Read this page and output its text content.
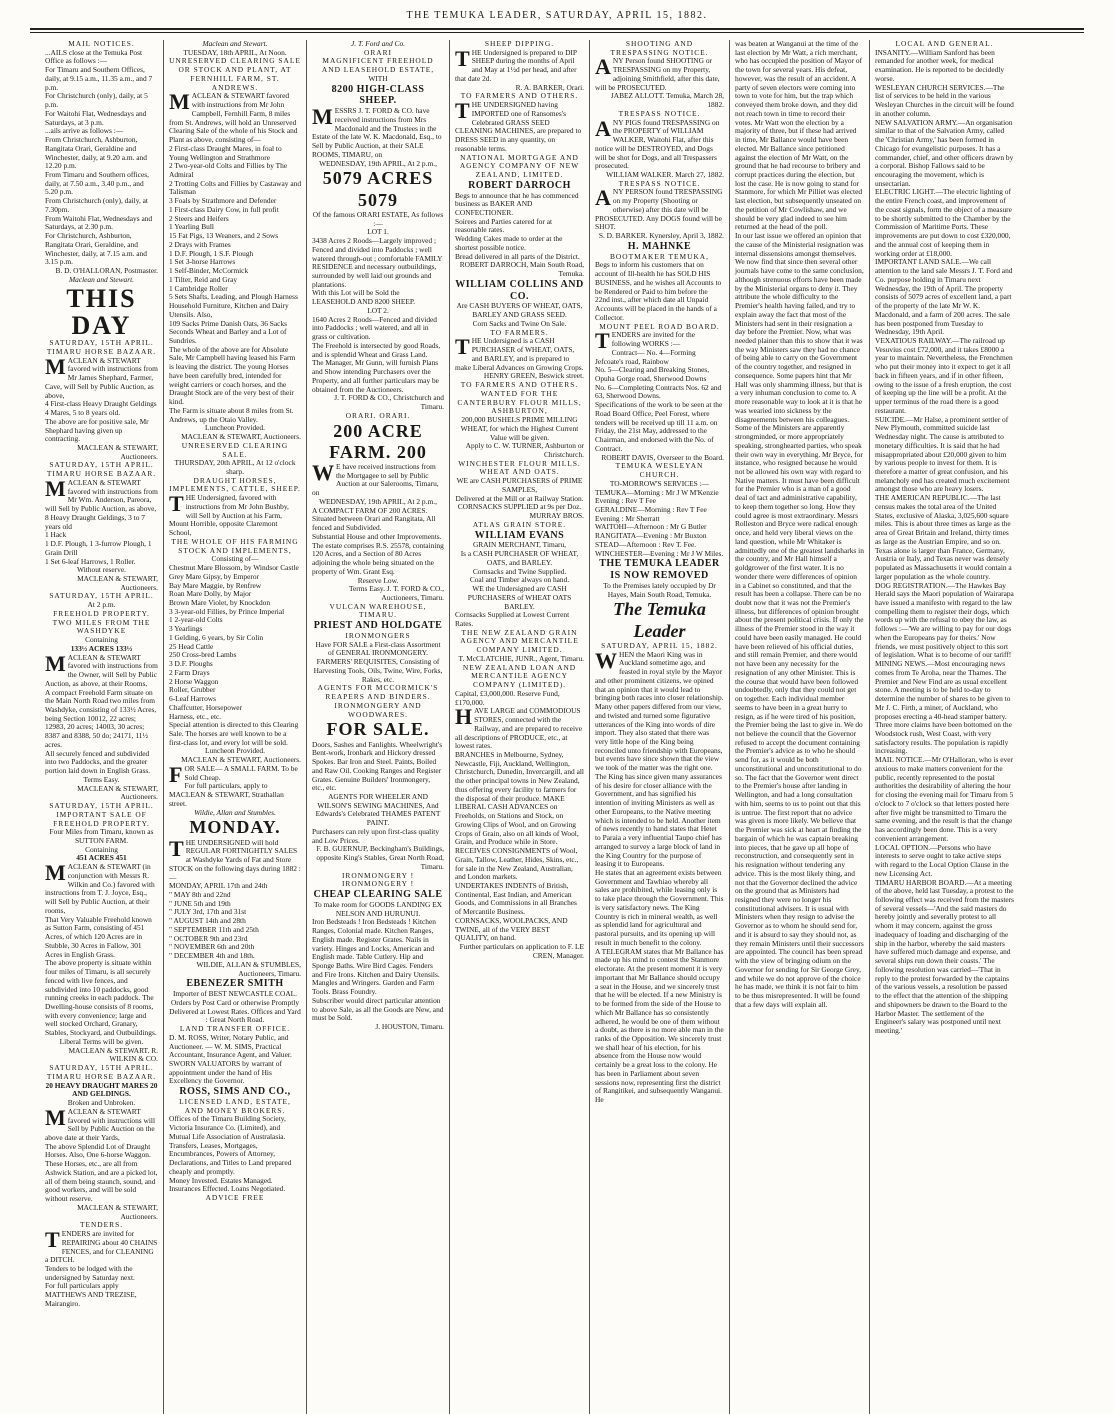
THE TEMUKA LEADER, SATURDAY, APRIL 15, 1882.

MAIL NOTICES.

...AILS close at the Temuka Post Office as follows :—

For Timaru and Southern Offices, daily, at 9.15 a.m., 11.35 a.m., and 7 p.m.

For Christchurch (only), daily, at 5 p.m.

For Waitohi Flat, Wednesdays and Saturdays, at 3 p.m.

...ails arrive as follows :—

From Christchurch, Ashburton, Rangitata Orari, Geraldine and Winchester, daily, at 9.20 a.m. and 12.20 p.m.

From Timaru and Southern offices, daily, at 7.50 a.m., 3.40 p.m., and 5.20 p.m.

From Christchurch (only), daily, at 7.30pm.

From Waitohi Flat, Wednesdays and Saturdays, at 2.30 p.m.

For Christchurch, Ashburton, Rangitata Orari, Geraldine, and Winchester, daily, at 7.15 a.m. and 3.15 p.m.

B. D. O'HALLORAN, Postmaster.

Maclean and Stewart.

THIS DAY

SATURDAY, 15TH APRIL.

TIMARU HORSE BAZAAR.

MACLEAN & STEWART favored with instructions from Mr James Shephard, Farmer, Cave, will Sell by Public Auction, as above,

4 First-class Heavy Draught Geldings 4 Mares, 5 to 8 years old.

The above are for positive sale, Mr Shephard having given up contracting.

MACLEAN & STEWART, Auctioneers.

SATURDAY, 15TH APRIL.

TIMARU HORSE BAZAAR.

MACLEAN & STEWART favored with instructions from Mr Wm. Anderson, Pareora, will Sell by Public Auction, as above,

8 Heavy Draught Geldings, 3 to 7 years old

1 Hack

1 D.F. Plough, 1 3-furrow Plough, 1 Grain Drill

1 Set 6-leaf Harrows, 1 Roller.

Without reserve.

MACLEAN & STEWART, Auctioneers.

SATURDAY, 15TH APRIL.

At 2 p.m.

FREEHOLD PROPERTY.

TWO MILES FROM THE WASHDYKE

Containing

133½ ACRES 133½

MACLEAN & STEWART favored with instructions from the Owner, will Sell by Public Auction, as above, at their Rooms,

A compact Freehold Farm situate on the Main North Road two miles from Washdyke, consisting of 133½ Acres, being Section 10012, 22 acres; 12983, 20 acres; 14003, 30 acres; 8387 and 8388, 50 do; 24171, 11½ acres.

All securely fenced and subdivided into two Paddocks, and the greater portion laid down in English Grass.

Terms Easy.

MACLEAN & STEWART, Auctioneers.

SATURDAY, 15TH APRIL.

IMPORTANT SALE OF FREEHOLD PROPERTY.

Four Miles from Timaru, known as SUTTON FARM.

Containing

451 ACRES 451

MACLEAN & STEWART (in conjunction with Messrs R. Wilkin and Co.) favored with instructions from T. J. Joyce, Esq., will Sell by Public Auction, at their rooms,

That Very Valuable Freehold known as Sutton Farm, consisting of 451 Acres, of which 120 Acres are in Stubble, 30 Acres in Fallow, 301 Acres in English Grass.

The above property is situate within four miles of Timaru, is all securely fenced with live fences, and subdivided into 10 paddocks, good running creeks in each paddock. The Dwelling-house consists of 8 rooms, with every convenience; large and well stocked Orchard, Granary, Stables, Stockyard, and Outbuildings.

Liberal Terms will be given.

MACLEAN & STEWART. R. WILKIN & CO.

SATURDAY, 15TH APRIL.

TIMARU HORSE BAZAAR.

20 HEAVY DRAUGHT MARES 20 AND GELDINGS.

Broken and Unbroken.

MACLEAN & STEWART favored with instructions will Sell by Public Auction on the above date at their Yards,

The above Splendid Lot of Draught Horses. Also, One 6-horse Waggon.

These Horses, etc., are all from Ashwick Station, and are a picked lot, all of them being staunch, sound, and good workers, and will be sold without reserve.

MACLEAN & STEWART, Auctioneers.

TENDERS.

TENDERS are invited for REPAIRING about 40 CHAINS FENCES, and for CLEANING a DITCH.

Tenders to be lodged with the undersigned by Saturday next.

For full particulars apply MATTHEWS AND TREZISE, Mairangiro.

Maclean and Stewart.

TUESDAY, 18th APRIL, At Noon.

UNRESERVED CLEARING SALE OR STOCK AND PLANT, AT FERNHILL FARM, ST. ANDREWS.

MACLEAN & STEWART favored with instructions from Mr John Campbell, Fernhill Farm, 8 miles from St. Andrews, will hold an Unreserved Clearing Sale of the whole of his Stock and Plant as above, consisting of—

2 First-class Draught Mares, in foal to Young Wellington and Strathmore

2 Two-year-old Colts and Fillies by The Admiral

2 Trotting Colts and Fillies by Castaway and Talisman

3 Foals by Strathmore and Defender

1 First-class Dairy Cow, in full profit

2 Steers and Heifers

1 Yearling Bull

15 Fat Pigs, 13 Weaners, and 2 Sows

2 Drays with Frames

1 D.F. Plough, 1 S.F. Plough

1 Set 3-horse Harrows

1 Self-Binder, McCormick

1 Tilter, Reid and Gray

1 Cambridge Roller

5 Sets Shafts, Leading, and Plough Harness

Household Furniture, Kitchen and Dairy Utensils. Also,

109 Sacks Prime Danish Oats, 36 Sacks Seconds Wheat and Barley and a Lot of Sundries.

The whole of the above are for Absolute Sale, Mr Campbell having leased his Farm is leaving the district. The young Horses have been carefully bred, intended for weight carriers or coach horses, and the Draught Stock are of the very best of their kind.

The Farm is situate about 8 miles from St. Andrews, up the Otaio Valley.

Luncheon Provided.

MACLEAN & STEWART, Auctioneers.

UNRESERVED CLEARING SALE.

THURSDAY, 20th APRIL, At 12 o'clock sharp.

DRAUGHT HORSES, IMPLEMENTS, CATTLE, SHEEP.

THE Undersigned, favored with instructions from Mr John Bushby, will Sell by Auction at his Farm, Mount Horrible, opposite Claremont School,

THE WHOLE OF HIS FARMING STOCK AND IMPLEMENTS,

Consisting of—

Chestnut Mare Blossom, by Windsor Castle

Grey Mare Gipsy, by Emperor

Bay Mare Maggie, by Renfrew

Roan Mare Dolly, by Major

Brown Mare Violet, by Knockdon

3 3-year-old Fillies, by Prince Imperial

1 2-year-old Colts

3 Yearlings

1 Gelding, 6 years, by Sir Colin

25 Head Cattle

250 Cross-bred Lambs

3 D.F. Ploughs

2 Farm Drays

2 Horse Waggon

Roller, Grubber

6-Leaf Harrows

Chaffcutter, Horsepower

Harness, etc., etc.

Special attention is directed to this Clearing Sale. The horses are well known to be a first-class lot, and every lot will be sold.

Luncheon Provided.

MACLEAN & STEWART, Auctioneers.

FOR SALE— A SMALL FARM. To be Sold Cheap.

For full particulars, apply to MACLEAN & STEWART, Strathallan street.

Wildie, Allan and Stumbles.

MONDAY.

THE UNDERSIGNED will hold REGULAR FORTNIGHTLY SALES at Washdyke Yards of Fat and Store STOCK on the following days during 1882 :—

MONDAY, APRIL 17th and 24th

" MAY 8th and 22nd

" JUNE 5th and 19th

" JULY 3rd, 17th and 31st

" AUGUST 14th and 28th

" SEPTEMBER 11th and 25th

" OCTOBER 9th and 23rd

" NOVEMBER 6th and 20th

" DECEMBER 4th and 18th.

WILDIE, ALLAN & STUMBLES, Auctioneers, Timaru.

EBENEZER SMITH

Importer of BEST NEWCASTLE COAL.

Orders by Post Card or otherwise Promptly Delivered at Lowest Rates. Offices and Yard : Great North Road.

LAND TRANSFER OFFICE.

D. M. ROSS, Writer, Notary Public, and Auctioneer. — W. M. SIMS, Practical Accountant, Insurance Agent, and Valuer.

SWORN VALUATORS by warrant of appointment under the hand of His Excellency the Governor.

ROSS, SIMS AND CO.,

LICENSED LAND, ESTATE, AND MONEY BROKERS.

Offices of the Timaru Building Society, Victoria Insurance Co. (Limited), and Mutual Life Association of Australasia.

Transfers, Leases, Mortgages, Encumbrances, Powers of Attorney, Declarations, and Titles to Land prepared cheaply and promptly.

Money Invested. Estates Managed. Insurances Effected. Loans Negotiated.

ADVICE FREE

J. T. Ford and Co.

ORARI

MAGNIFICENT FREEHOLD AND LEASEHOLD ESTATE,

WITH

8200 HIGH-CLASS SHEEP.

MESSRS J. T. FORD & CO. have received instructions from Mrs Macdonald and the Trustees in the Estate of the late W. K. Macdonald, Esq., to Sell by Public Auction, at their SALE ROOMS, TIMARU, on

WEDNESDAY, 19th APRIL, At 2 p.m.,

5079 ACRES 5079

Of the famous ORARI ESTATE, As follows :—

LOT 1.

3438 Acres 2 Roods—Largely improved ; Fenced and divided into Paddocks ; well watered through-out ; comfortable FAMILY RESIDENCE and necessary outbuildings, surrounded by well laid out grounds and plantations.

With this Lot will be Sold the LEASEHOLD AND 8200 SHEEP.

LOT 2.

1640 Acres 2 Roods—Fenced and divided into Paddocks ; well watered, and all in grass or cultivation.

The Freehold is intersected by good Roads, and is splendid Wheat and Grass Land.

The Manager, Mr Gunn, will furnish Plans and Show intending Purchasers over the Property, and all further particulars may be obtained from the Auctioneers.

J. T. FORD & CO., Christchurch and Timaru.

ORARI. ORARI.

200 ACRE FARM. 200

WE have received instructions from the Mortgagee to sell by Public Auction at our Salerooms, Timaru, on

WEDNESDAY, 19th APRIL, At 2 p.m.,

A COMPACT FARM OF 200 ACRES. Situated between Orari and Rangitata, All fenced and Subdivided.

Substantial House and other Improvements.

The estate comprises R.S. 25578, containing 120 Acres, and a Section of 80 Acres adjoining the whole being situated on the property of Wm. Grant Esq.

Reserve Low.

Terms Easy. J. T. FORD & CO., Auctioneers, Timaru.

VULCAN WAREHOUSE, TIMARU.

PRIEST AND HOLDGATE

IRONMONGERS

Have FOR SALE a First-class Assortment of GENERAL IRONMONGERY.

FARMERS' REQUISITES, Consisting of Harvesting Tools, Oils, Twine, Wire, Forks, Rakes, etc.

AGENTS FOR MCCORMICK'S REAPERS AND BINDERS.

IRONMONGERY AND WOODWARES.

FOR SALE.

Doors, Sashes and Fanlights. Wheelwright's Bent-work, Ironbark and Hickory dressed Spokes. Bar Iron and Steel. Paints, Boiled and Raw Oil. Cooking Ranges and Register Grates. Genuine Builders' Ironmongery, etc., etc.

AGENTS FOR WHEELER AND WILSON'S SEWING MACHINES, And Edwards's Celebrated THAMES PATENT PAINT.

Purchasers can rely upon first-class quality and Low Prices.

F. B. GUERNUP, Beckingham's Buildings, opposite King's Stables, Great North Road, Timaru.

IRONMONGERY ! IRONMONGERY !

CHEAP CLEARING SALE

To make room for GOODS LANDING EX NELSON AND HURUNUI.

Iron Bedsteads ! Iron Bedsteads ! Kitchen Ranges, Colonial made. Kitchen Ranges, English made. Register Grates. Nails in variety. Hinges and Locks, American and English made. Table Cutlery. Hip and Sponge Baths. Wire Bird Cages. Fenders and Fire Irons. Kitchen and Dairy Utensils. Mangles and Wringers. Garden and Farm Tools. Brass Foundry.

Subscriber would direct particular attention to above Sale, as all the Goods are New, and must be Sold.

J. HOUSTON, Timaru.

SHEEP DIPPING.

THE Undersigned is prepared to DIP SHEEP during the months of April and May at 1½d per head, and after that date 2d.

R. A. BARKER, Orari.

TO FARMERS AND OTHERS.

THE UNDERSIGNED having IMPORTED one of Ransomes's Celebrated GRASS SEED CLEANING MACHINES, are prepared to DRESS SEED in any quantity, on reasonable terms.

NATIONAL MORTGAGE AND AGENCY COMPANY OF NEW ZEALAND, LIMITED.

ROBERT DARROCH

Begs to announce that he has commenced business as BAKER AND CONFECTIONER.

Soirees and Parties catered for at reasonable rates.

Wedding Cakes made to order at the shortest possible notice.

Bread delivered in all parts of the District.

ROBERT DARROCH, Main South Road, Temuka.

WILLIAM COLLINS AND CO.

Are CASH BUYERS OF WHEAT, OATS, BARLEY AND GRASS SEED.

Corn Sacks and Twine On Sale.

TO FARMERS.

THE Undersigned is a CASH PURCHASER of WHEAT, OATS, and BARLEY, and is prepared to make Liberal Advances on Growing Crops.

HENRY GREEN, Beswick street.

TO FARMERS AND OTHERS.

WANTED FOR THE CANTERBURY FLOUR MILLS, ASHBURTON,

200,000 BUSHELS PRIME MILLING WHEAT, for which the Highest Current Value will be given.

Apply to C. W. TURNER, Ashburton or Christchurch.

WINCHESTER FLOUR MILLS.

WHEAT AND OATS.

WE are CASH PURCHASERS of PRIME SAMPLES,

Delivered at the Mill or at Railway Station.

CORNSACKS SUPPLIED at 9s per Doz.

MURRAY BROS.

ATLAS GRAIN STORE.

WILLIAM EVANS

GRAIN MERCHANT, Timaru,

Is a CASH PURCHASER OF WHEAT, OATS, and BARLEY.

Cornsacks and Twine Supplied.

Coal and Timber always on hand.

WE the Undersigned are CASH PURCHASERS of WHEAT OATS BARLEY.

Cornsacks Supplied at Lowest Current Rates.

THE NEW ZEALAND GRAIN AGENCY AND MERCANTILE COMPANY LIMITED.

T. McCLATCHIE, JUNR., Agent, Timaru.

NEW ZEALAND LOAN AND MERCANTILE AGENCY COMPANY (LIMITED).

Capital, £3,000,000. Reserve Fund, £170,000.

HAVE LARGE and COMMODIOUS STORES, connected with the Railway, and are prepared to receive all descriptions of PRODUCE, etc., at lowest rates.

BRANCHES in Melbourne, Sydney, Newcastle, Fiji, Auckland, Wellington, Christchurch, Dunedin, Invercargill, and all the other principal towns in New Zealand, thus offering every facility to farmers for the disposal of their produce. MAKE LIBERAL CASH ADVANCES on Freeholds, on Stations and Stock, on Growing Clips of Wool, and on Growing Crops of Grain, also on all kinds of Wool, Grain, and Produce while in Store.

RECEIVES CONSIGNMENTS of Wool, Grain, Tallow, Leather, Hides, Skins, etc., for sale in the New Zealand, Australian, and London markets.

UNDERTAKES INDENTS of British, Continental, East Indian, and American Goods, and Commissions in all Branches of Mercantile Business.

CORNSACKS, WOOLPACKS, AND TWINE, all of the VERY BEST QUALITY, on hand.

Further particulars on application to F. LE CREN, Manager.

SHOOTING AND TRESPASSING NOTICE.

ANY Person found SHOOTING or TRESPASSING on my Property, adjoining Smithfield, after this date, will be PROSECUTED.

JABEZ ALLOTT. Temuka, March 28, 1882.

TRESPASS NOTICE.

ANY PIGS found TRESPASSING on the PROPERTY of WILLIAM WALKER, Waitohi Flat, after this notice will be DESTROYED, and Dogs will be shot for Dogs, and all Trespassers prosecuted.

WILLIAM WALKER. March 27, 1882.

TRESPASS NOTICE.

ANY PERSON found TRESPASSING on my Property (Shooting or otherwise) after this date will be PROSECUTED. Any DOGS found will be SHOT.

S. D. BARKER. Kynersley, April 3, 1882.

H. MAHNKE

BOOTMAKER TEMUKA,

Begs to inform his customers that on account of Ill-health he has SOLD HIS BUSINESS, and he wishes all Accounts to be Rendered or Paid to him before the 22nd inst., after which date all Unpaid Accounts will be placed in the hands of a Collector.

MOUNT PEEL ROAD BOARD.

TENDERS are invited for the following WORKS :—

Contract— No. 4—Forming Jefcoate's road, Rainbow

No. 5—Clearing and Breaking Stones, Opuha Gorge road, Sherwood Downs

No. 6—Completing Contracts Nos. 62 and 63, Sherwood Downs.

Specifications of the work to be seen at the Road Board Office, Peel Forest, where tenders will be received up till 11 a.m. on Friday, the 21st May, addressed to the Chairman, and endorsed with the No. of Contract.

ROBERT DAVIS, Overseer to the Board.

TEMUKA WESLEYAN CHURCH.

TO-MORROW'S SERVICES :—

TEMUKA—Morning : Mr J W M'Kenzie

Evening : Rev T Fee

GERALDINE—Morning : Rev T Fee

Evening : Mr Sherratt

WAITOHI—Afternoon : Mr G Butler

RANGITATA—Evening : Mr Buxton

STEAD—Afternoon : Rev T. Fee.

WINCHESTER—Evening : Mr J W Miles.

THE TEMUKA LEADER IS NOW REMOVED

To the Premises lately occupied by Dr Hayes, Main South Road, Temuka.

The Temuka Leader

SATURDAY, APRIL 15, 1882.

WHEN the Maori King was in Auckland sometime ago, and feasted in royal style by the Mayor and other prominent citizens, we opined that an opinion that it would lead to bringing both races into closer relationship. Many other papers differed from our view, and twisted and turned some figurative utterances of the King into words of dire import. They also stated that there was very little hope of the King being reconciled unto friendship with Europeans, but events have since shown that the view we took of the matter was the right one. The King has since given many assurances of his desire for closer alliance with the Government, and has signified his intention of inviting Ministers as well as other Europeans, to the Native meeting which is intended to be held. Another item of news recently to hand states that Hetet to Paraia a very influential Taupo chief has arranged to survey a large block of land in the King Country for the purpose of leasing it to Europeans.

He states that an agreement exists between Government and Tawhiao whereby all sales are prohibited, while leasing only is to take place through the Government. This is very satisfactory news. The King Country is rich in mineral wealth, as well as splendid land for agricultural and pastoral pursuits, and its opening up will result in much benefit to the colony.

A TELEGRAM states that Mr Ballance has made up his mind to contest the Stanmore electorate. At the present moment it is very important that Mr Ballance should occupy a seat in the House, and we sincerely trust that he will be elected. If a new Ministry is to be formed from the side of the House to which Mr Ballance has so consistently adhered, he would be one of them without a doubt, as there is no more able man in the ranks of the Opposition. We sincerely trust we shall hear of his election, for his absence from the House now would certainly be a great loss to the colony. He has been in Parliament about seven sessions now, representing first the district of Rangitikei, and subsequently Wanganui. He

was beaten at Wanganui at the time of the last election by Mr Watt, a rich merchant, who has occupied the position of Mayor of the town for several years. His defeat, however, was the result of an accident. A party of seven electors were coming into town to vote for him, but the trap which conveyed them broke down, and they did not reach town in time to record their votes. Mr Watt won the election by a majority of three, but if these had arrived in time, Mr Ballance would have been elected. Mr Ballance since petitioned against the election of Mr Watt, on the ground that he had recourse to bribery and corrupt practices during the election, but lost the case. He is now going to stand for Stanmore, for which Mr Pilliet was elected last election, but subsequently unseated on the petition of Mr Cowlishaw, and we should be very glad indeed to see him returned at the head of the poll.

In our last issue we offered an opinion that the cause of the Ministerial resignation was internal dissensions amongst themselves. We now find that since then several other journals have come to the same conclusion, although strenuous efforts have been made by the Ministerial organs to deny it. They attribute the whole difficulty to the Premier's health having failed, and try to explain away the fact that most of the Ministers had sent in their resignation a day before the Premier. Now, what was needed plainer than this to show that it was the way Ministers saw they had no chance of being able to carry on the Government of the country together, and resigned in consequence. Some papers hint that Mr Hall was only shamming illness, but that is a very inhuman conclusion to come to. A more reasonable way to look at it is that he was wearied into sickness by the disagreements between his colleagues. Some of the Ministers are apparently strongminded, or more appropriately speaking, stronghearted parties, who speak their own way in everything. Mr Bryce, for instance, who resigned because he would not be allowed his own way with regard to Native matters. It must have been difficult for the Premier who is a man of a good deal of tact and administrative capability, to keep them together so long. How they could agree is most extraordinary. Messrs Rolleston and Bryce were radical enough once, and held very liberal views on the land question, while Mr Whitaker is admittedly one of the greatest landsharks in the country, and Mr Hall himself a goldgrower of the first water. It is no wonder there were differences of opinion in a Cabinet so constituted, and that the result has been a collapse. There can be no doubt now that it was not the Premier's illness, but differences of opinion brought about the present political crisis. If only the illness of the Premier stood in the way it could have been easily managed. He could have been relieved of his official duties, and still remain Premier, and there would not have been any necessity for the resignation of any other Minister. This is the course that would have been followed undoubtedly, only that they could not get on together. Each individual member seems to have been in a great hurry to resign, as if he were tired of his position, the Premier being the last to give in. We do not believe the council that the Governor refused to accept the document containing the Premier's advice as to who he should send for, as it would be both unconstitutional and unconstitutional to do so. The fact that the Governor went direct to the Premier's house after landing in Wellington, and had a long consultation with him, seems to us to point out that this is untrue. The first report that no advice was given is more likely. We believe that the Premier was sick at heart at finding the bargain of which he was captain breaking into pieces, that he gave up all hope of reconstruction, and consequently sent in his resignation without tendering any advice. This is the most likely thing, and not that the Governor declined the advice on the ground that as Ministers had resigned they were no longer his constitutional advisers. It is usual with Ministers when they resign to advise the Governor as to whom he should send for, and it is absurd to say they should not, as they remain Ministers until their successors are appointed. The council has been spread with the view of bringing odium on the Governor for sending for Sir George Grey, and while we do not approve of the choice he has made, we think it is not fair to him to be thus misrepresented. It will be found that a few days will explain all.

LOCAL AND GENERAL.

INSANITY.—William Sanford has been remanded for another week, for medical examination. He is reported to be decidedly worse.

WESLEYAN CHURCH SERVICES.—The list of services to be held in the various Wesleyan Churches in the circuit will be found in another column.

NEW SALVATION ARMY.—An organisation similar to that of the Salvation Army, called the 'Christian Army,' has been formed in Chicago for evangelistic purposes. It has a commander, chief, and other officers drawn by a corporal. Bishop Fallows said to be encouraging the movement, which is unsectarian.

ELECTRIC LIGHT.—The electric lighting of the entire French coast, and improvement of the coast signals, form the object of a measure to be shortly submitted to the Chamber by the Commission of Maritime Ports. These improvements are put down to cost £320,000, and the annual cost of keeping them in working order at £18,000.

IMPORTANT LAND SALE.—We call attention to the land sale Messrs J. T. Ford and Co. purpose holding in Timaru next Wednesday, the 19th of April. The property consists of 5079 acres of excellent land, a part of the property of the late Mr W. K. Macdonald, and a farm of 200 acres. The sale has been postponed from Tuesday to Wednesday, 19th April.

VEXATIOUS RAILWAY.—The railroad up Vesuvius cost £72,000, and it takes £8000 a year to maintain. Nevertheless, the Frenchmen who put their money into it expect to get it all back in fifteen years, and if in other fifteen, owing to the issue of a fresh eruption, the cost of keeping up the line will be a profit. At the upper terminus of the road there is a good restaurant.

SUICIDE.—Mr Halse, a prominent settler of New Plymouth, committed suicide last Wednesday night. The cause is attributed to monetary difficulties. It is said that he had misappropriated about £20,000 given to him by various people to invest for them. It is therefore a matter of great confusion, and his melancholy end has created much excitement amongst those who are heavy losers.

THE AMERICAN REPUBLIC.—The last census makes the total area of the United States, exclusive of Alaska, 3,025,600 square miles. This is about three times as large as the area of Great Britain and Ireland, thirty times as large as the Austrian Empire, and so on. Texas alone is larger than France, Germany, Austria or Italy, and Texas never was densely populated as Massachusetts it would contain a larger population as the whole country.

DOG REGISTRATION.—The Hawkes Bay Herald says the Maori population of Wairarapa have issued a manifesto with regard to the law compelling them to register their dogs, which words up with the refusal to obey the law, as follows :—'We are willing to pay for our dogs when the Europeans pay for theirs.' Now friends, we must positively object to this sort of legislation. What is to become of our tariff!

MINING NEWS.—Most encouraging news comes from Te Aroha, near the Thames. The Premier and New Find are as usual excellent stone. A meeting is to be held to-day to determine the number of shares to be given to Mr J. C. Firth, a miner, of Auckland, who proposes erecting a 40-head stamper battery. Three more claims have been bottomed on the Woodstock rush, West Coast, with very satisfactory results. The population is rapidly increasing.

MAIL NOTICE.—Mr O'Halloran, who is ever anxious to make matters convenient for the public, recently represented to the postal authorities the desirability of altering the hour for closing the evening mail for Timaru from 5 o'clock to 7 o'clock so that letters posted here after five might be transmitted to Timaru the same evening, and the result is that the change has accordingly been done. This is a very convenient arrangement.

LOCAL OPTION.—Persons who have interests to serve ought to take active steps with regard to the Local Option Clause in the new Licensing Act.

TIMARU HARBOR BOARD.—At a meeting of the above, held last Tuesday, a protest to the following effect was received from the masters of several vessels—'And the said masters do hereby jointly and severally protest to all whom it may concern, against the gross inadequacy of loading and discharging of the ship in the harbor, whereby the said masters have suffered much damage and expense, and several ships run down their coasts.' The following resolution was carried—'That in reply to the protest forwarded by the captains of the various vessels, a resolution be passed to the effect that the attention of the shipping and shipowners be drawn to the Board to the Harbor Master. The settlement of the Engineer's salary was postponed until next meeting.'
